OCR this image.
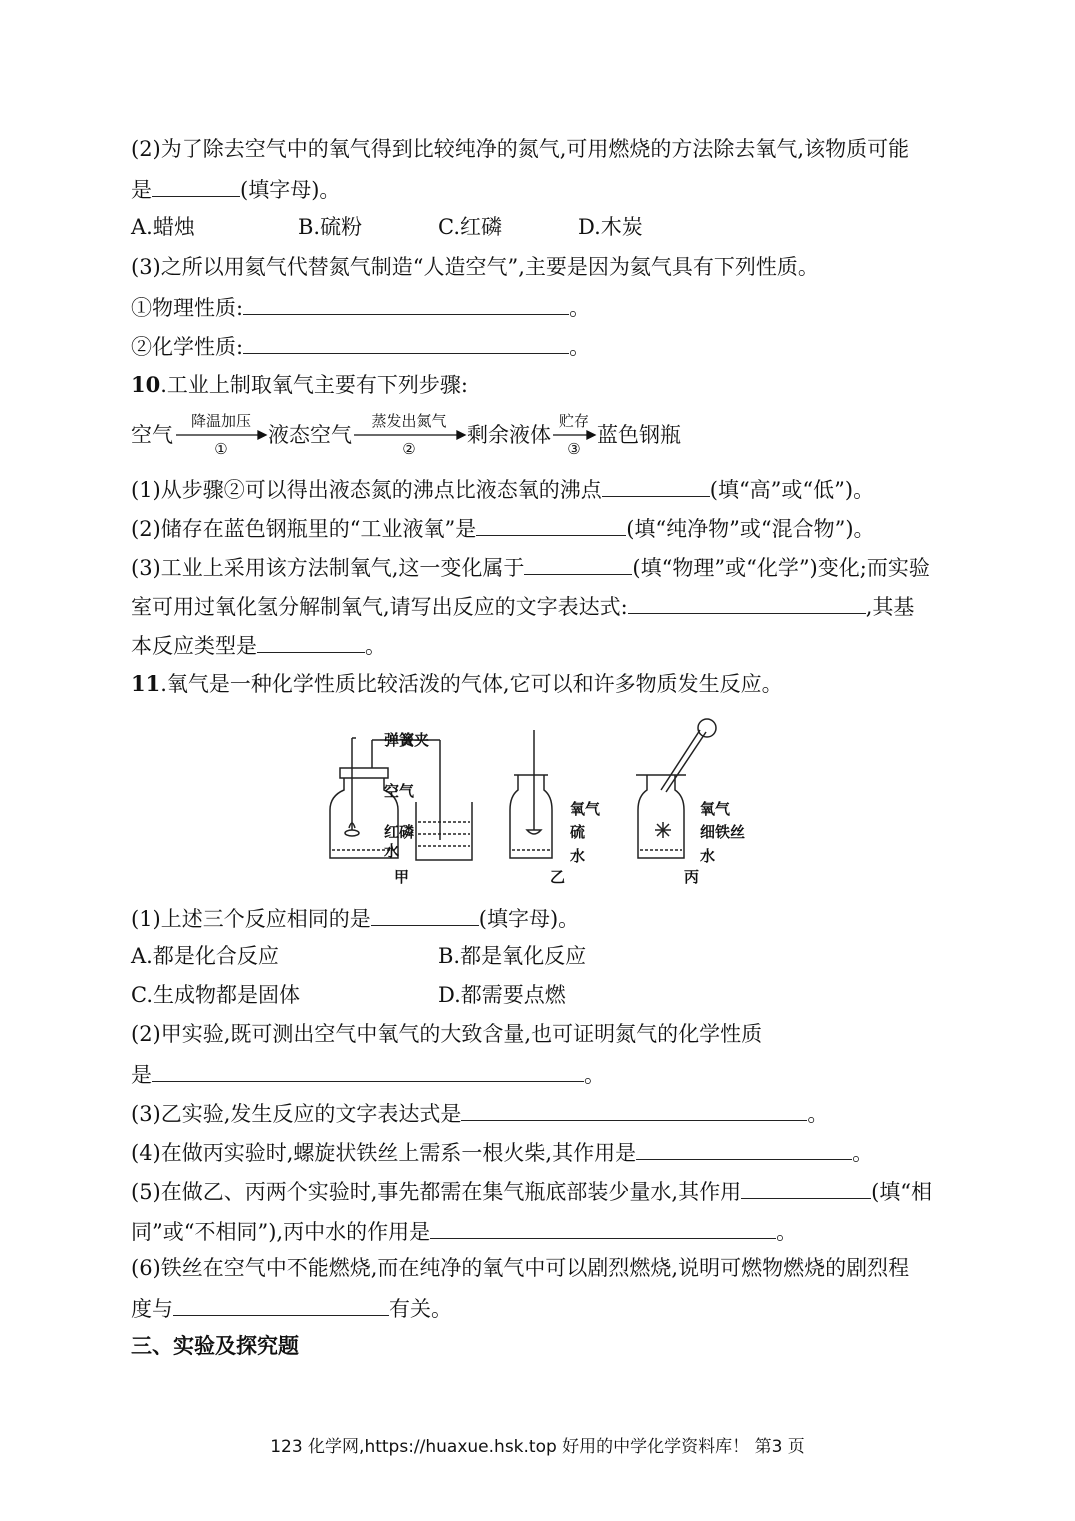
(2)为了除去空气中的氧气得到比较纯净的氮气,可用燃烧的方法除去氧气,该物质可能
是	(填字母)。
A.蜡烛	B.硫粉	C.红磷	D.木炭
(3)之所以用氦气代替氮气制造“人造空气”,主要是因为氦气具有下列性质。
①物理性质:	。
②化学性质:	。
10.工业上制取氧气主要有下列步骤:
空气
降温加压
①
液态空气
蒸发出氮气
②
剩余液体
贮存
③
蓝色钢瓶
(1)从步骤②可以得出液态氮的沸点比液态氧的沸点	(填“高”或“低”)。
(2)储存在蓝色钢瓶里的“工业液氧”是	(填“纯净物”或“混合物”)。
(3)工业上采用该方法制氧气,这一变化属于	(填“物理”或“化学”)变化;而实验
室可用过氧化氢分解制氧气,请写出反应的文字表达式:	,其基
本反应类型是	。
11.氧气是一种化学性质比较活泼的气体,它可以和许多物质发生反应。
弹簧夹
空气
红磷
水
甲
氧气
硫
水
乙
氧气
细铁丝
水
丙
(1)上述三个反应相同的是	(填字母)。
A.都是化合反应	B.都是氧化反应
C.生成物都是固体	D.都需要点燃
(2)甲实验,既可测出空气中氧气的大致含量,也可证明氮气的化学性质
是	。
(3)乙实验,发生反应的文字表达式是	。
(4)在做丙实验时,螺旋状铁丝上需系一根火柴,其作用是	。
(5)在做乙、丙两个实验时,事先都需在集气瓶底部装少量水,其作用	(填“相
同”或“不相同”),丙中水的作用是	。
(6)铁丝在空气中不能燃烧,而在纯净的氧气中可以剧烈燃烧,说明可燃物燃烧的剧烈程
度与	有关。
三、实验及探究题
123 化学网,https://huaxue.hsk.top 好用的中学化学资料库！ 第3 页
